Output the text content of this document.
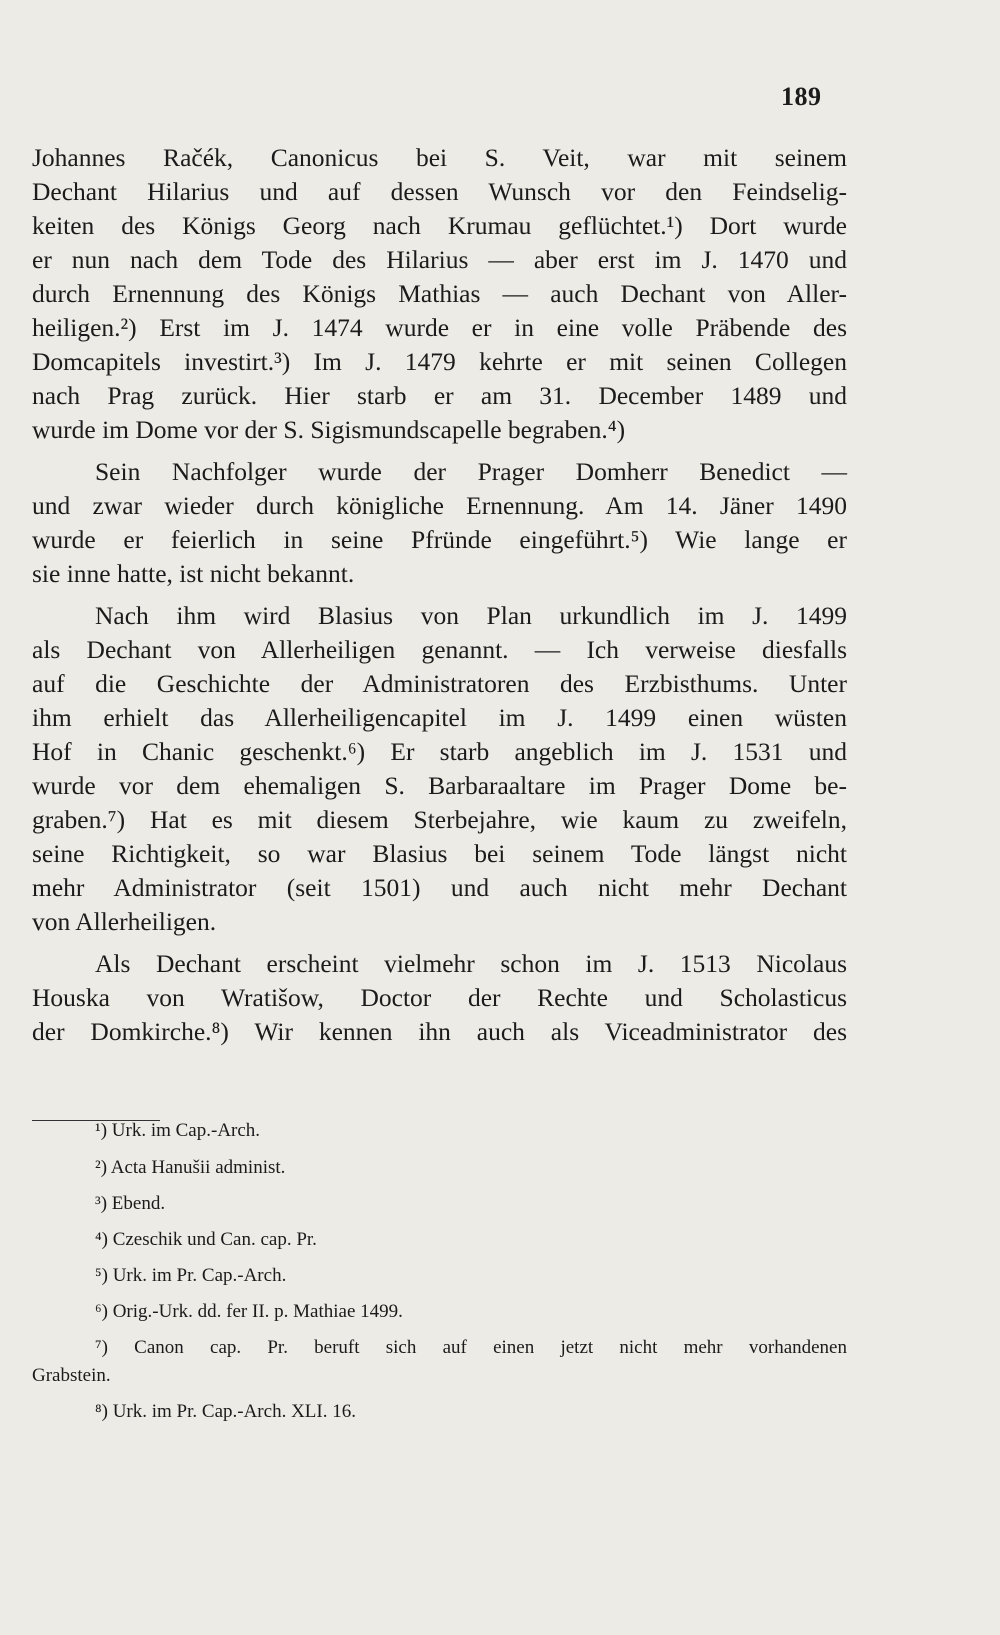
189
Johannes Račék, Canonicus bei S. Veit, war mit seinem
Dechant Hilarius und auf dessen Wunsch vor den Feindselig-
keiten des Königs Georg nach Krumau geflüchtet.¹) Dort wurde
er nun nach dem Tode des Hilarius — aber erst im J. 1470 und
durch Ernennung des Königs Mathias — auch Dechant von Aller-
heiligen.²) Erst im J. 1474 wurde er in eine volle Präbende des
Domcapitels investirt.³) Im J. 1479 kehrte er mit seinen Collegen
nach Prag zurück. Hier starb er am 31. December 1489 und
wurde im Dome vor der S. Sigismundscapelle begraben.⁴)
Sein Nachfolger wurde der Prager Domherr Benedict —
und zwar wieder durch königliche Ernennung. Am 14. Jäner 1490
wurde er feierlich in seine Pfründe eingeführt.⁵) Wie lange er
sie inne hatte, ist nicht bekannt.
Nach ihm wird Blasius von Plan urkundlich im J. 1499
als Dechant von Allerheiligen genannt. — Ich verweise diesfalls
auf die Geschichte der Administratoren des Erzbisthums. Unter
ihm erhielt das Allerheiligencapitel im J. 1499 einen wüsten
Hof in Chanic geschenkt.⁶) Er starb angeblich im J. 1531 und
wurde vor dem ehemaligen S. Barbaraaltare im Prager Dome be-
graben.⁷) Hat es mit diesem Sterbejahre, wie kaum zu zweifeln,
seine Richtigkeit, so war Blasius bei seinem Tode längst nicht
mehr Administrator (seit 1501) und auch nicht mehr Dechant
von Allerheiligen.
Als Dechant erscheint vielmehr schon im J. 1513 Nicolaus
Houska von Wratišow, Doctor der Rechte und Scholasticus
der Domkirche.⁸) Wir kennen ihn auch als Viceadministrator des
¹) Urk. im Cap.-Arch.
²) Acta Hanušii administ.
³) Ebend.
⁴) Czeschik und Can. cap. Pr.
⁵) Urk. im Pr. Cap.-Arch.
⁶) Orig.-Urk. dd. fer II. p. Mathiae 1499.
⁷) Canon cap. Pr. beruft sich auf einen jetzt nicht mehr vorhandenen
Grabstein.
⁸) Urk. im Pr. Cap.-Arch. XLI. 16.
